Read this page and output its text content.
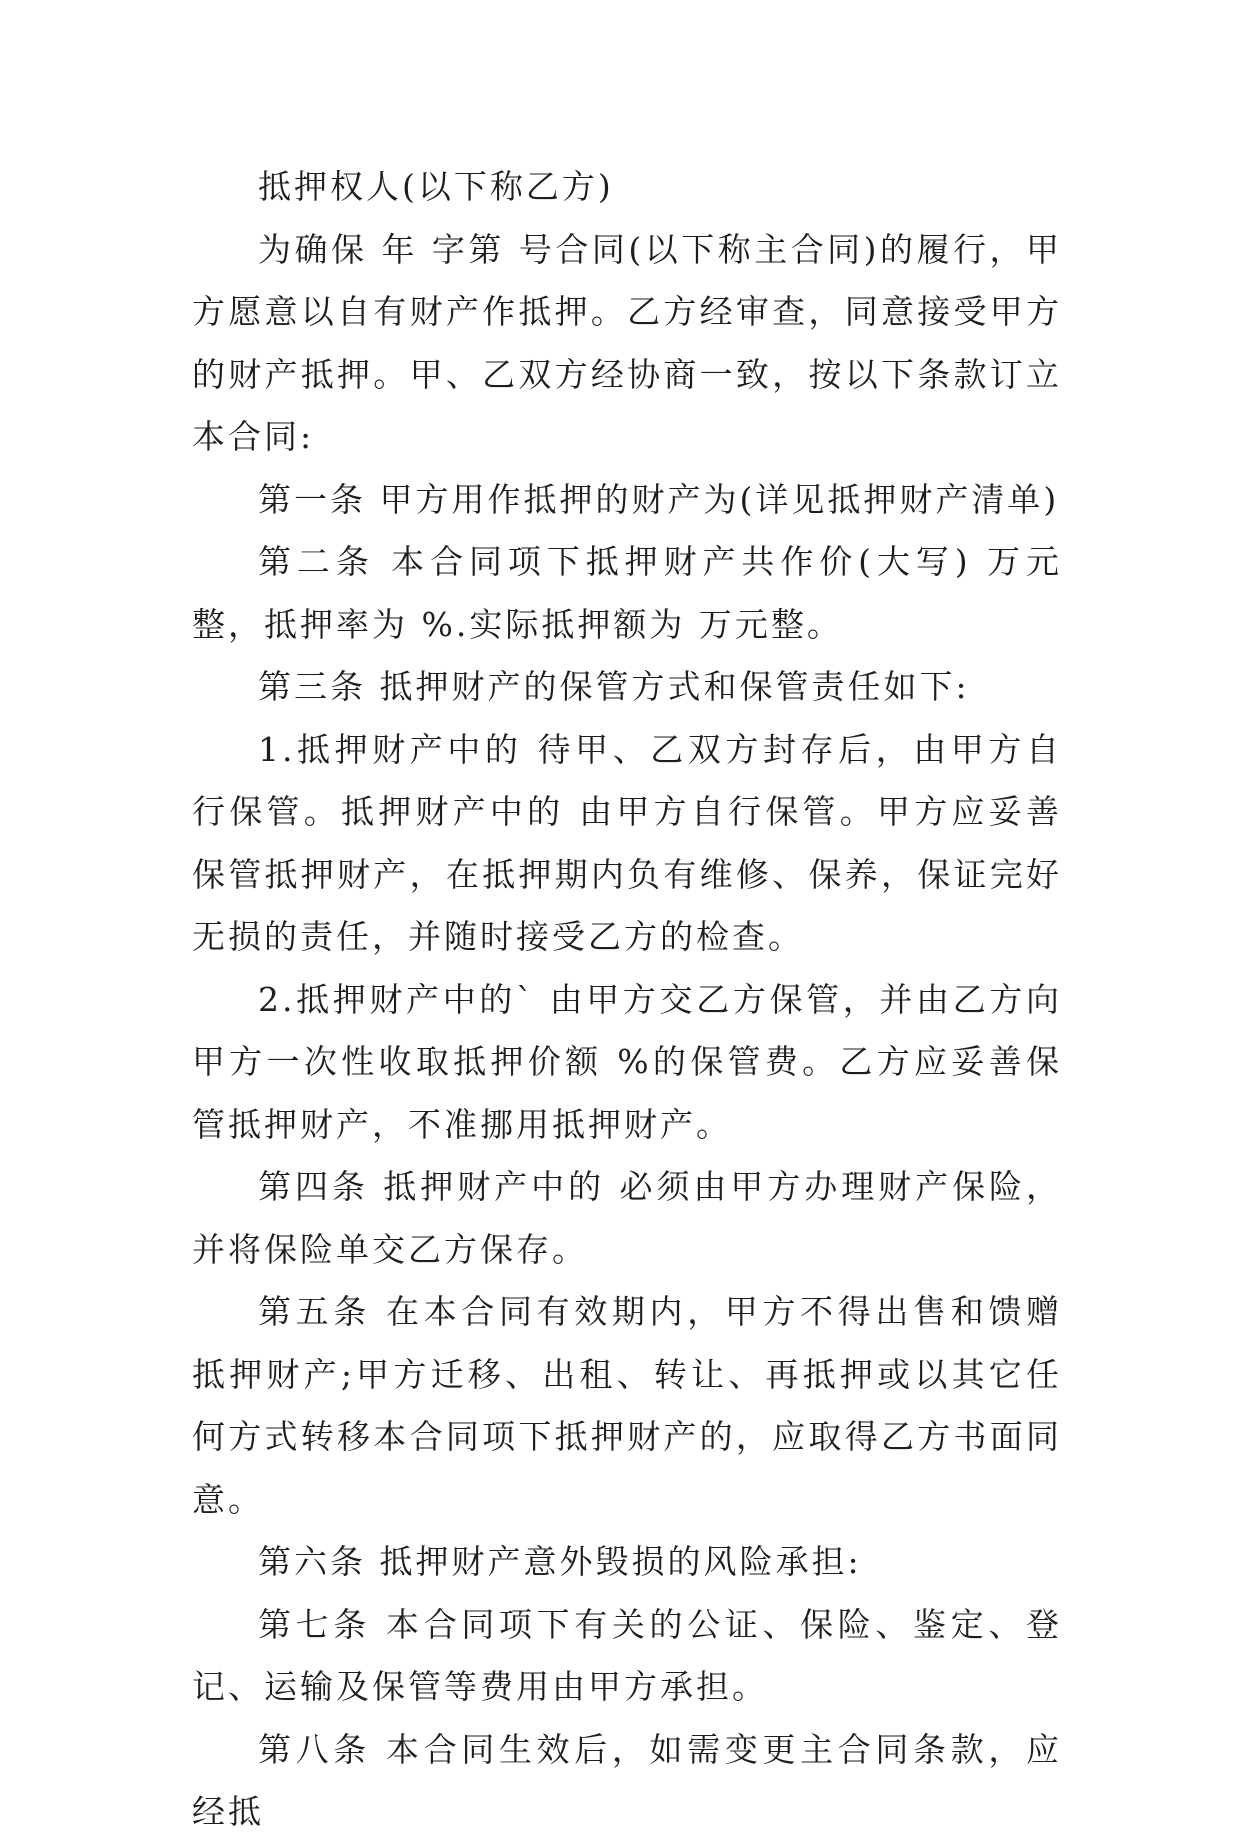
抵押权人(以下称乙方)

为确保 年 字第 号合同(以下称主合同)的履行，甲方愿意以自有财产作抵押。乙方经审查，同意接受甲方的财产抵押。甲、乙双方经协商一致，按以下条款订立本合同:

第一条 甲方用作抵押的财产为(详见抵押财产清单)

第二条 本合同项下抵押财产共作价(大写) 万元整，抵押率为 %.实际抵押额为 万元整。

第三条 抵押财产的保管方式和保管责任如下:

1.抵押财产中的 待甲、乙双方封存后，由甲方自行保管。抵押财产中的 由甲方自行保管。甲方应妥善保管抵押财产，在抵押期内负有维修、保养，保证完好无损的责任，并随时接受乙方的检查。

2.抵押财产中的` 由甲方交乙方保管，并由乙方向甲方一次性收取抵押价额 %的保管费。乙方应妥善保管抵押财产，不准挪用抵押财产。

第四条 抵押财产中的 必须由甲方办理财产保险，并将保险单交乙方保存。

第五条 在本合同有效期内，甲方不得出售和馈赠抵押财产;甲方迁移、出租、转让、再抵押或以其它任何方式转移本合同项下抵押财产的，应取得乙方书面同意。

第六条 抵押财产意外毁损的风险承担:

第七条 本合同项下有关的公证、保险、鉴定、登记、运输及保管等费用由甲方承担。

第八条 本合同生效后，如需变更主合同条款，应经抵
